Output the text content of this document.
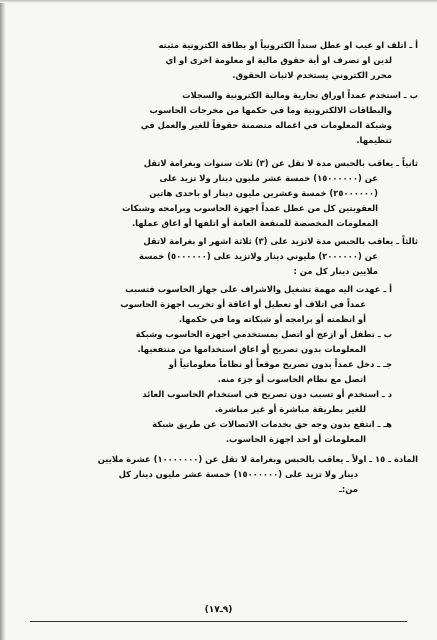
أ ـ اتلف او عيب او عطل سنداً الكترونياً او بطاقة الكترونية مثبته
لدين او تصرف او أية حقوق مالية او معلومة اخرى او اي
محرر الكتروني يستخدم لاثبات الحقوق.
ب ـ استخدم عمداً اوراق تجارية ومالية الكترونية والسجلات
والبطاقات الالكترونية وما في حكمها من مخرجات الحاسوب
وشبكة المعلومات في اعماله متضمنة حقوقاً للغير والعمل في
تنظيمها.
ثانياً ـ يعاقب بالحبس مدة لا تقل عن (٣) ثلاث سنوات وبغرامة لاتقل
عن (١٥٠٠٠٠٠٠) خمسة عشر مليون دينار ولا تزيد على
(٢٥٠٠٠٠٠٠) خمسة وعشرين مليون دينار او باحدى هاتين
العقوبتين كل من عطل عمداً اجهزة الحاسوب وبرامجه وشبكات
المعلومات المخصصة للمنفعة العامة أو اتلفها أو اعاق عملها.
ثالثاً ـ يعاقب بالحبس مدة لاتزيد على (٣) ثلاثة اشهر او بغرامة لاتقل
عن (٢٠٠٠٠٠٠) مليوني دينار ولاتزيد على (٥٠٠٠٠٠٠) خمسة
ملايين دينار كل من :
أ ـ عهدت اليه مهمة تشغيل والاشراف على جهاز الحاسوب فتسبب
عمداً في اتلاف أو تعطيل أو اعاقة أو تخريب اجهزة الحاسوب
أو انظمته أو برامجه أو شبكاته وما في حكمها.
ب ـ تطفل أو ازعج أو اتصل بمستخدمي اجهزة الحاسوب وشبكة
المعلومات بدون تصريح أو اعاق استخدامها من منتفعيها.
جـ ـ دخل عمداً بدون تصريح موقعاً أو نظاماً معلوماتياً أو
اتصل مع نظام الحاسوب أو جزء منه.
د ـ استخدم أو تسبب دون تصريح في استخدام الحاسوب العائد
للغير بطريقة مباشرة أو غير مباشرة.
هـ ـ انتفع بدون وجه حق بخدمات الاتصالات عن طريق شبكة
المعلومات أو احد اجهزة الحاسوب.
المادة ـ ١٥ ـ اولاً ـ يعاقب بالحبس وبغرامة لا تقل عن (١٠٠٠٠٠٠٠) عشرة ملايين
دينار ولا تزيد على (١٥٠٠٠٠٠٠) خمسة عشر مليون دينار كل
من:ـ
(٩ـ١٧)
